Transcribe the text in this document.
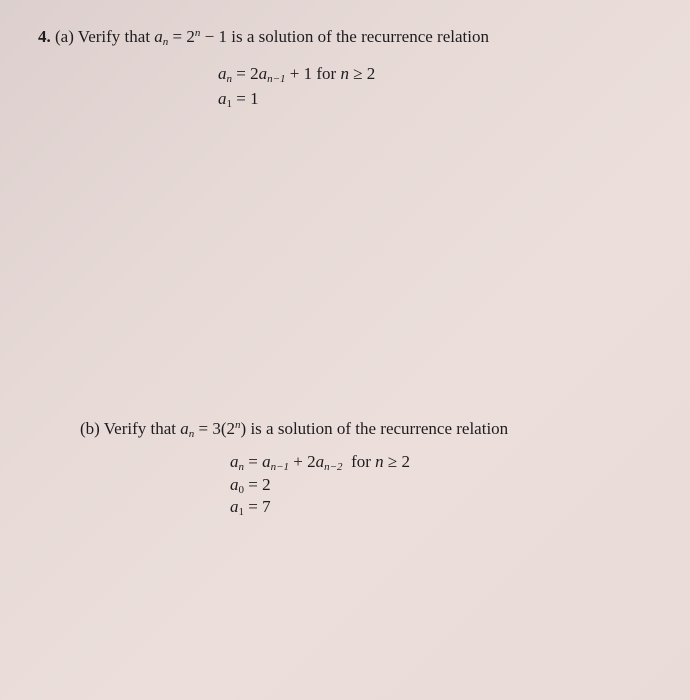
4. (a) Verify that $a_n = 2^n - 1$ is a solution of the recurrence relation
$a_n = 2a_{n-1} + 1$ for n ≥ 2
$a_1 = 1$
(b) Verify that $a_n = 3(2^n)$ is a solution of the recurrence relation
$a_n = a_{n-1} + 2a_{n-2}$ for n ≥ 2
$a_0 = 2$
$a_1 = 7$
